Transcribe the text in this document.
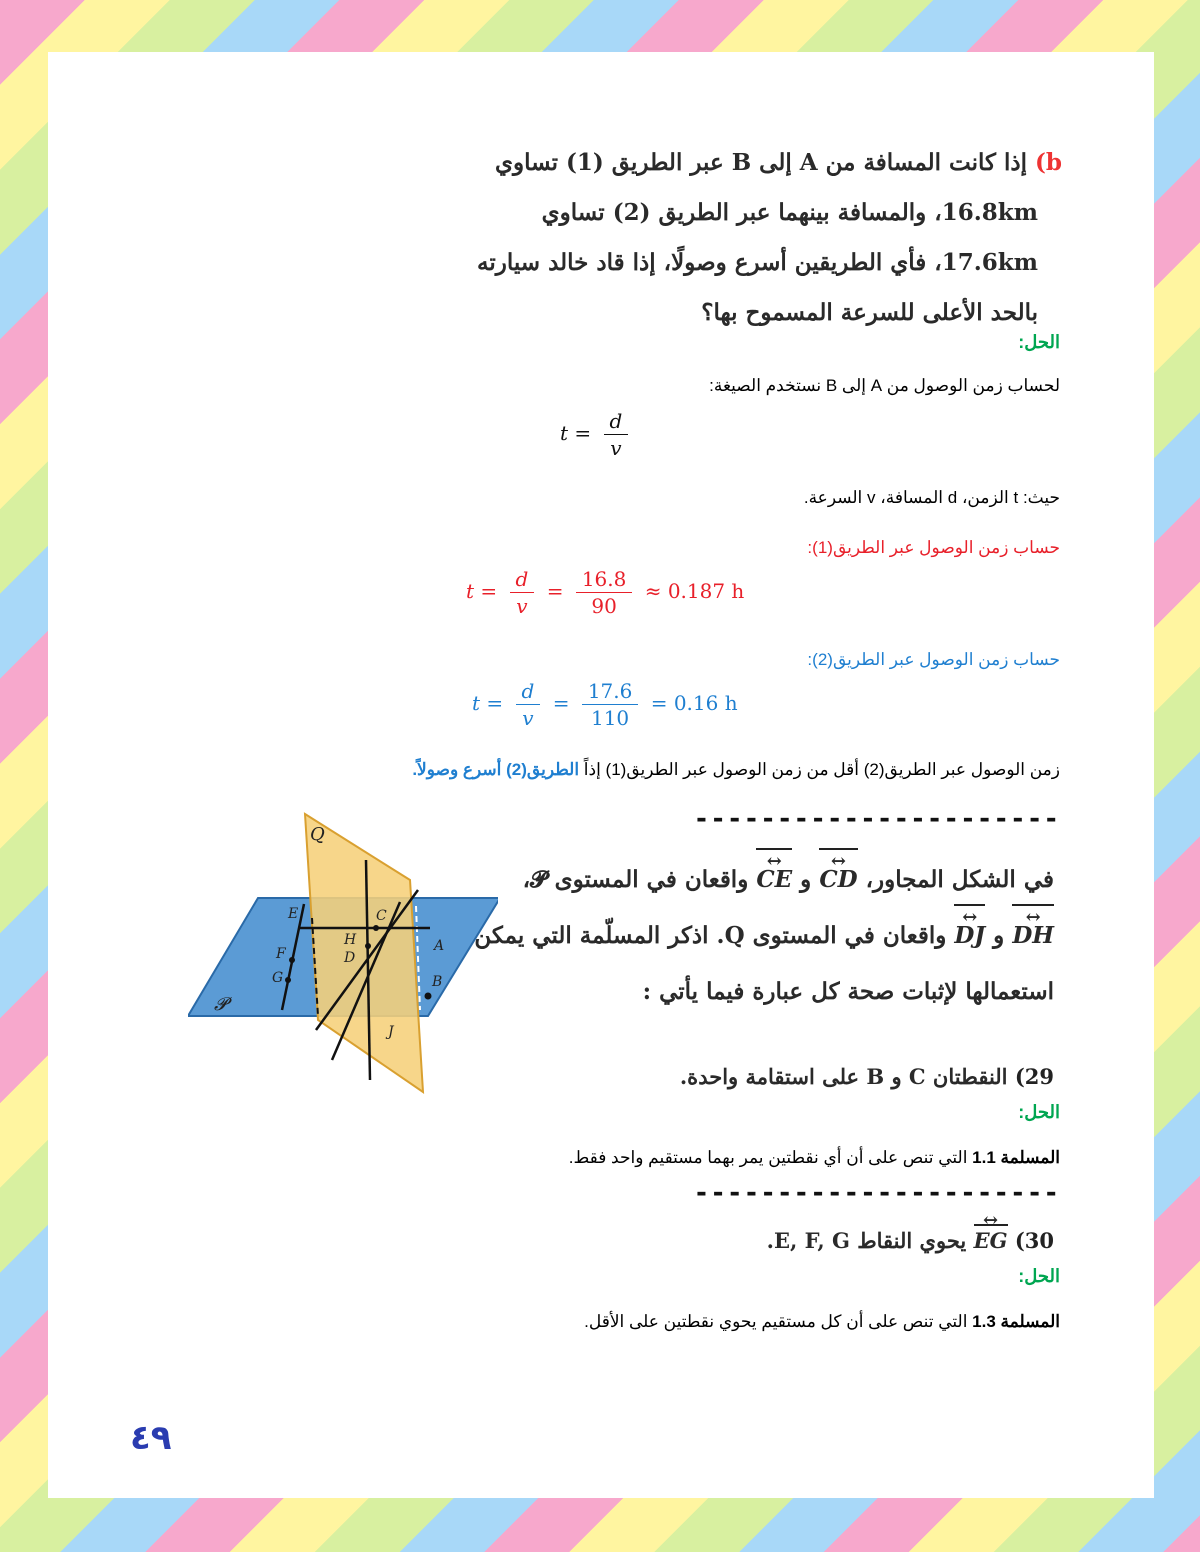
b) إذا كانت المسافة من A إلى B عبر الطريق (1) تساوي
16.8km، والمسافة بينهما عبر الطريق (2) تساوي
17.6km، فأي الطريقين أسرع وصولًا، إذا قاد خالد سيارته
بالحد الأعلى للسرعة المسموح بها؟
الحل:
لحساب زمن الوصول من A إلى B نستخدم الصيغة:
$t = \frac{d}{v}$
حيث: t الزمن، d المسافة، v السرعة.
حساب زمن الوصول عبر الطريق(1):
$t = \frac{d}{v} = \frac{16.8}{90} \approx 0.187$ h
حساب زمن الوصول عبر الطريق(2):
$t = \frac{d}{v} = \frac{17.6}{110} = 0.16$ h
زمن الوصول عبر الطريق(2) أقل من زمن الوصول عبر الطريق(1) إذاً الطريق(2) أسرع وصولاً.
----------------------
Q
E	C
F
H
D
A
G	B
J
𝓟
في الشكل المجاور، CD ↔ و CE ↔ واقعان في المستوى 𝓟،
DH ↔ و DJ ↔ واقعان في المستوى Q. اذكر المسلّمة التي يمكن
استعمالها لإثبات صحة كل عبارة فيما يأتي :
29) النقطتان C و B على استقامة واحدة.
الحل:
المسلمة 1.1 التي تنص على أن أي نقطتين يمر بهما مستقيم واحد فقط.
----------------------
30) EG ↔ يحوي النقاط E, F, G.
الحل:
المسلمة 1.3 التي تنص على أن كل مستقيم يحوي نقطتين على الأقل.
٤٩
